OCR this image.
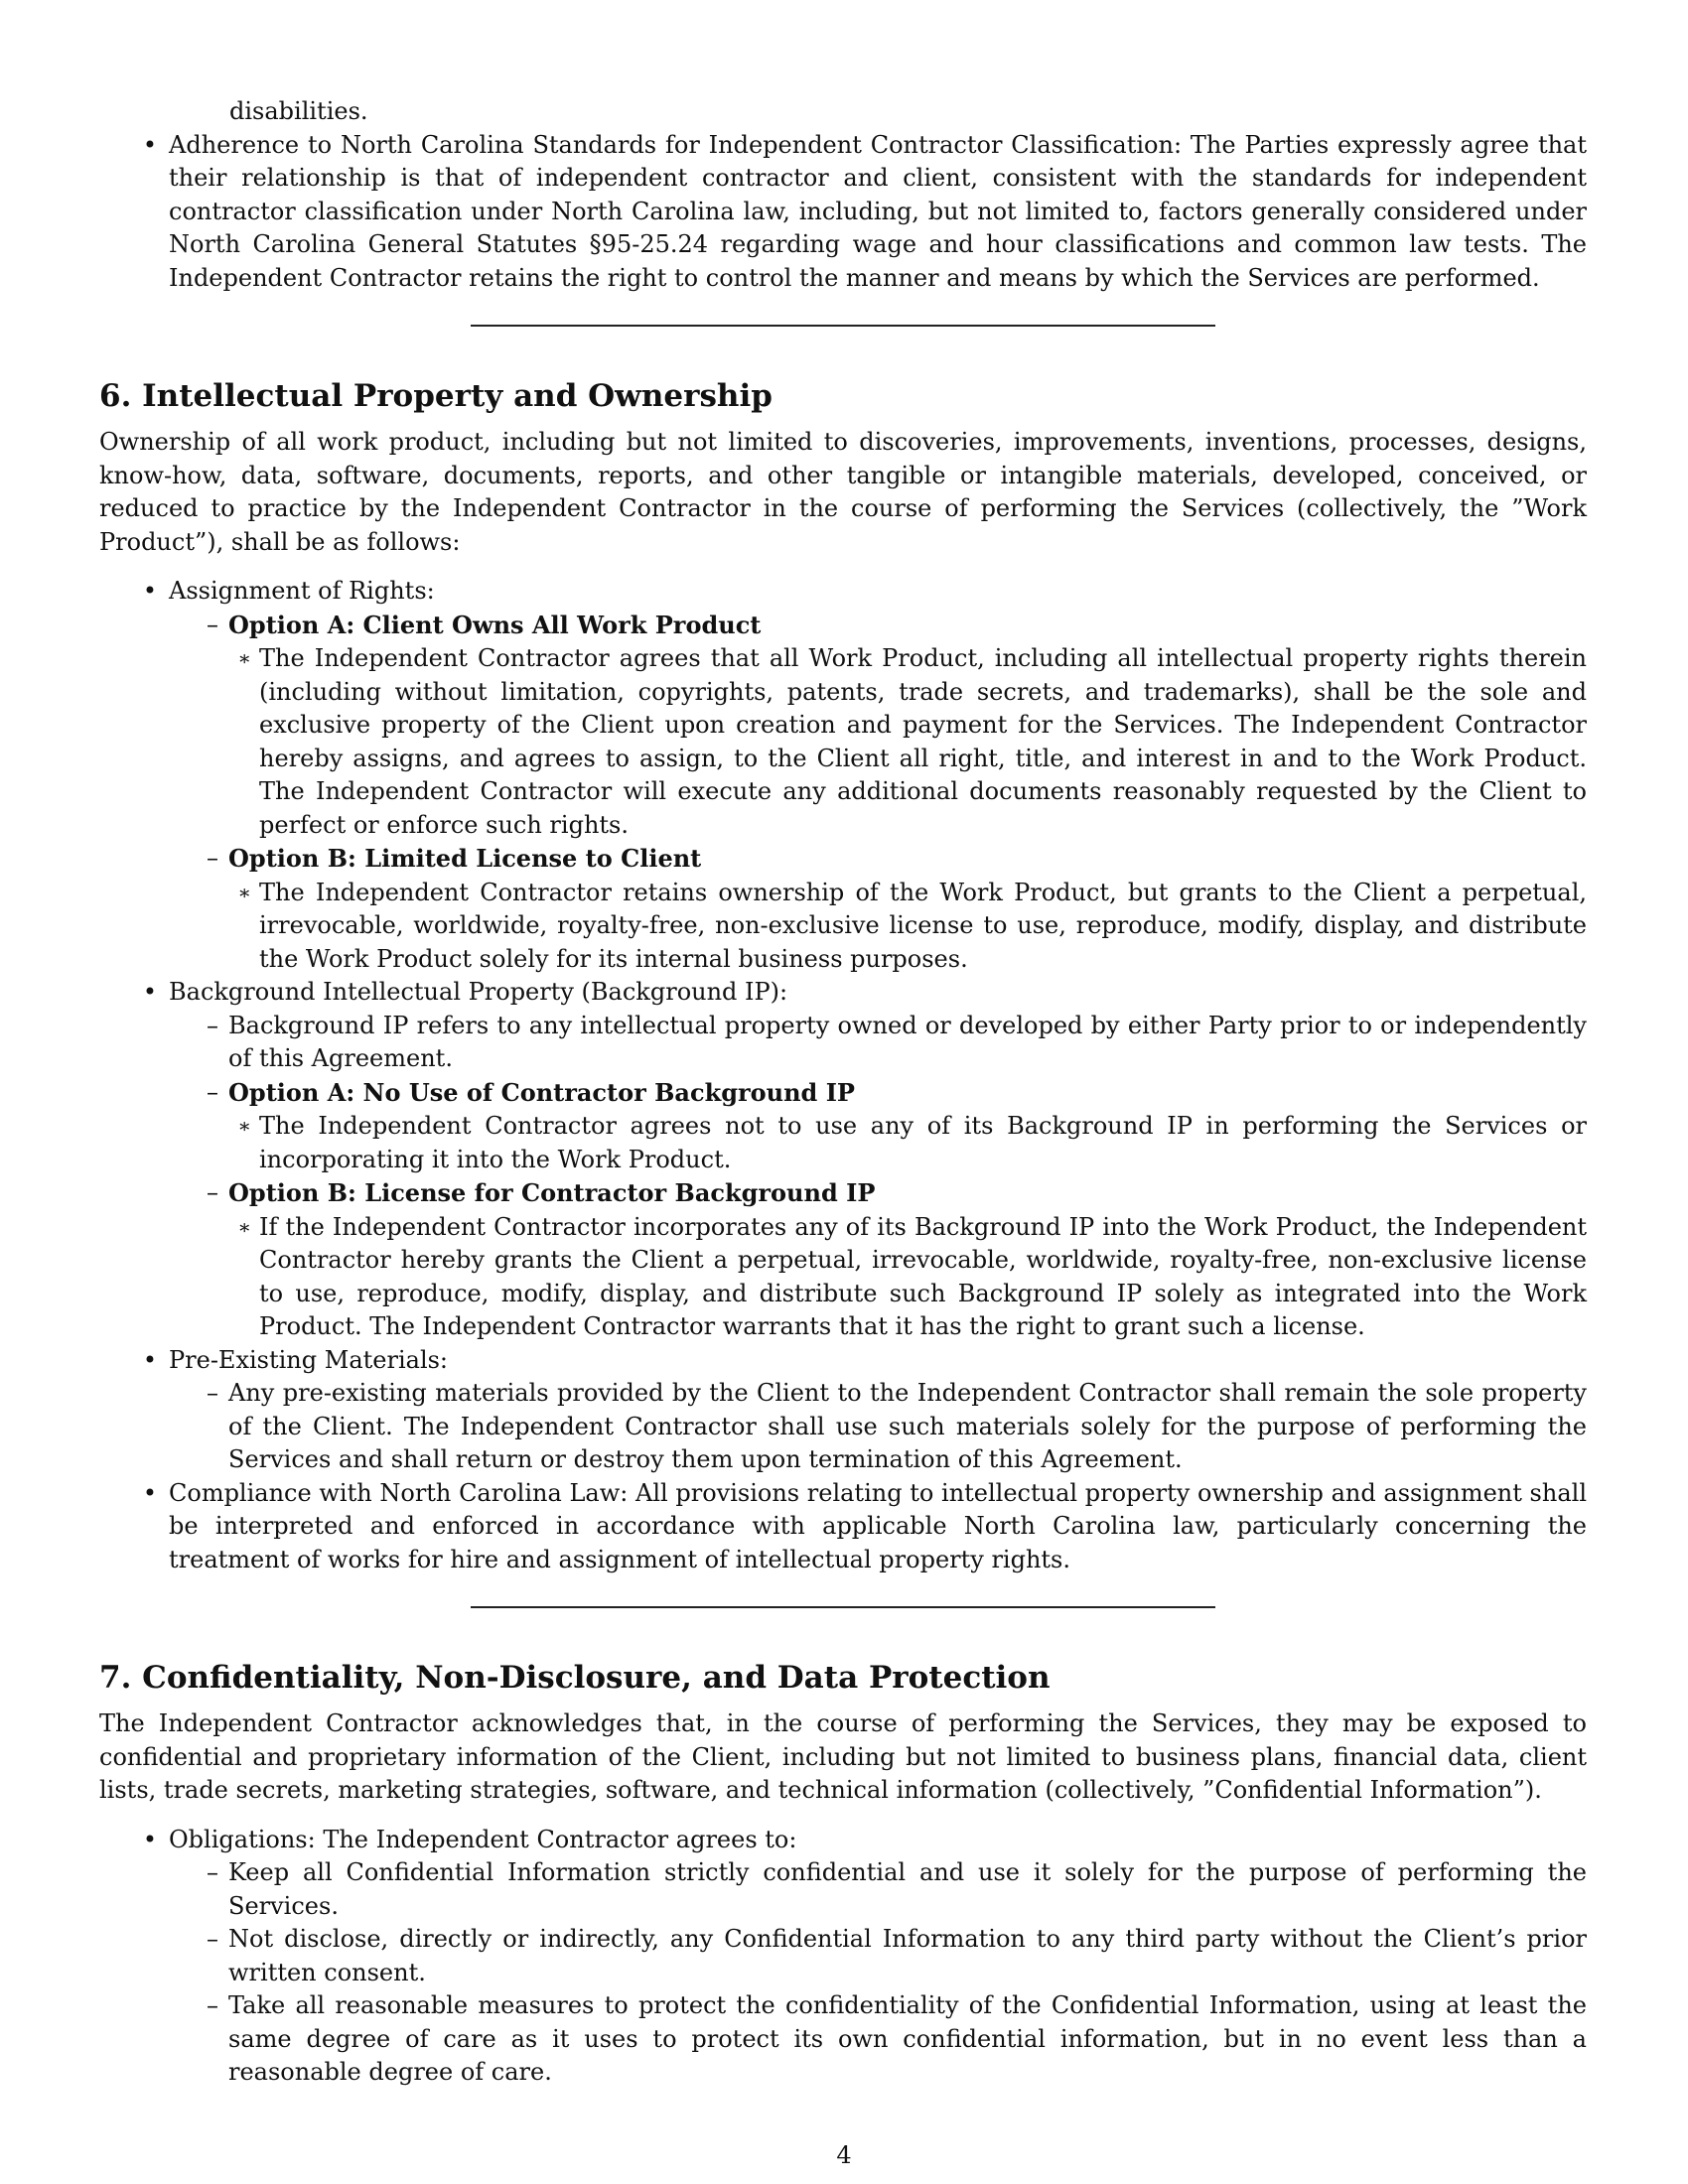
disabilities.

• Adherence to North Carolina Standards for Independent Contractor Classification: The Parties expressly agree that their relationship is that of independent contractor and client, consistent with the standards for independent contractor classification under North Carolina law, including, but not limited to, factors generally considered under North Carolina General Statutes §95-25.24 regarding wage and hour classifications and common law tests. The Independent Contractor retains the right to control the manner and means by which the Services are performed.
6. Intellectual Property and Ownership

Ownership of all work product, including but not limited to discoveries, improvements, inventions, processes, designs, know-how, data, software, documents, reports, and other tangible or intangible materials, developed, conceived, or reduced to practice by the Independent Contractor in the course of performing the Services (collectively, the ”Work Product”), shall be as follows:

• Assignment of Rights:
– Option A: Client Owns All Work Product
∗ The Independent Contractor agrees that all Work Product, including all intellectual property rights therein (including without limitation, copyrights, patents, trade secrets, and trademarks), shall be the sole and exclusive property of the Client upon creation and payment for the Services. The Independent Contractor hereby assigns, and agrees to assign, to the Client all right, title, and interest in and to the Work Product. The Independent Contractor will execute any additional documents reasonably requested by the Client to perfect or enforce such rights.
– Option B: Limited License to Client
∗ The Independent Contractor retains ownership of the Work Product, but grants to the Client a perpetual, irrevocable, worldwide, royalty-free, non-exclusive license to use, reproduce, modify, display, and distribute the Work Product solely for its internal business purposes.
• Background Intellectual Property (Background IP):
– Background IP refers to any intellectual property owned or developed by either Party prior to or independently of this Agreement.
– Option A: No Use of Contractor Background IP
∗ The Independent Contractor agrees not to use any of its Background IP in performing the Services or incorporating it into the Work Product.
– Option B: License for Contractor Background IP
∗ If the Independent Contractor incorporates any of its Background IP into the Work Product, the Independent Contractor hereby grants the Client a perpetual, irrevocable, worldwide, royalty-free, non-exclusive license to use, reproduce, modify, display, and distribute such Background IP solely as integrated into the Work Product. The Independent Contractor warrants that it has the right to grant such a license.
• Pre-Existing Materials:
– Any pre-existing materials provided by the Client to the Independent Contractor shall remain the sole property of the Client. The Independent Contractor shall use such materials solely for the purpose of performing the Services and shall return or destroy them upon termination of this Agreement.
• Compliance with North Carolina Law: All provisions relating to intellectual property ownership and assignment shall be interpreted and enforced in accordance with applicable North Carolina law, particularly concerning the treatment of works for hire and assignment of intellectual property rights.
7. Confidentiality, Non-Disclosure, and Data Protection

The Independent Contractor acknowledges that, in the course of performing the Services, they may be exposed to confidential and proprietary information of the Client, including but not limited to business plans, financial data, client lists, trade secrets, marketing strategies, software, and technical information (collectively, ”Confidential Information”).

• Obligations: The Independent Contractor agrees to:
– Keep all Confidential Information strictly confidential and use it solely for the purpose of performing the Services.
– Not disclose, directly or indirectly, any Confidential Information to any third party without the Client’s prior written consent.
– Take all reasonable measures to protect the confidentiality of the Confidential Information, using at least the same degree of care as it uses to protect its own confidential information, but in no event less than a reasonable degree of care.
4
